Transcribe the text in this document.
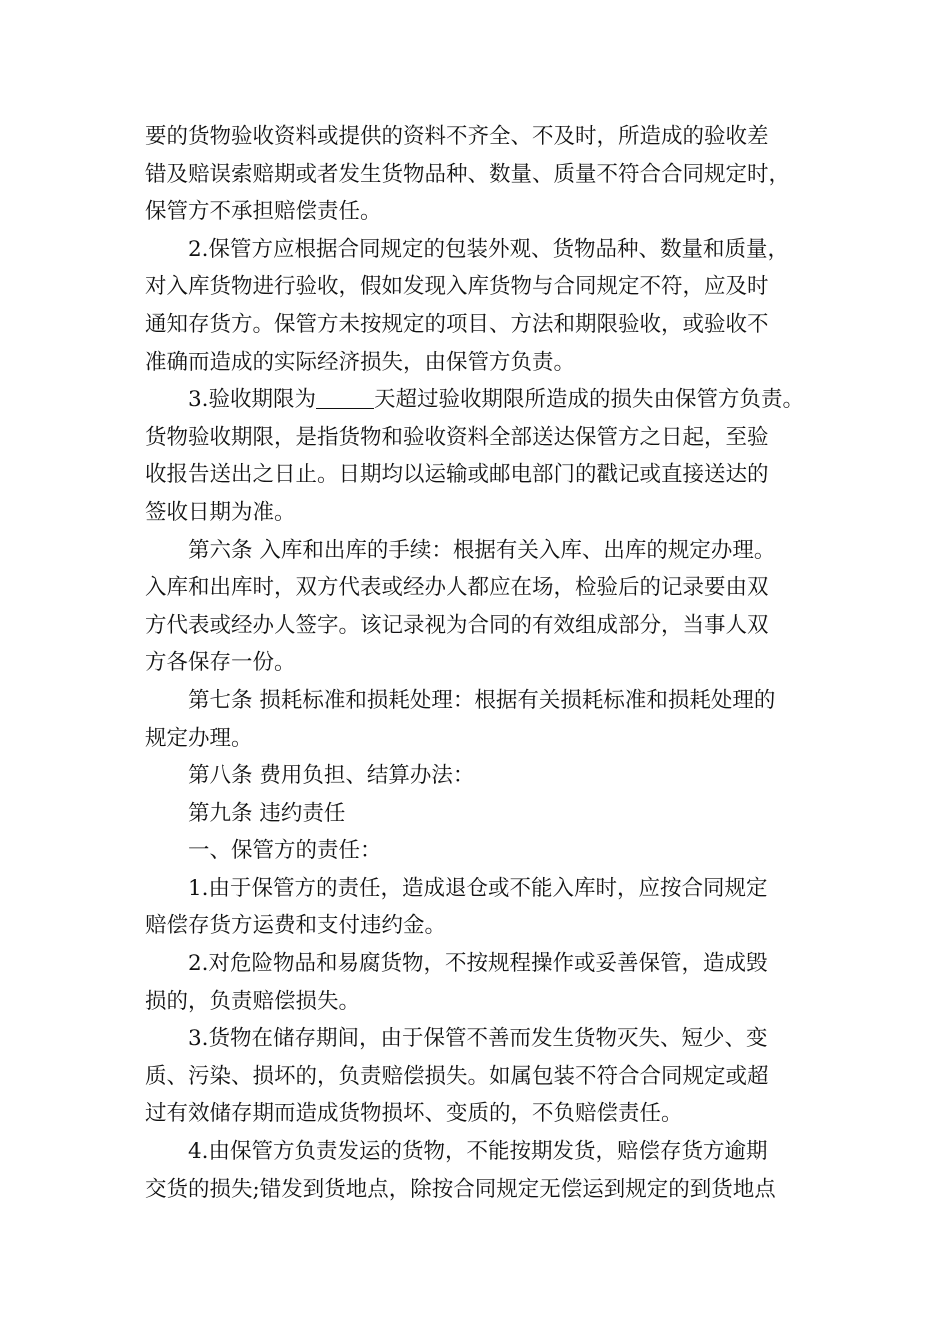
要的货物验收资料或提供的资料不齐全、不及时，所造成的验收差
错及赔误索赔期或者发生货物品种、数量、质量不符合合同规定时，
保管方不承担赔偿责任。
2.保管方应根据合同规定的包装外观、货物品种、数量和质量，
对入库货物进行验收，假如发现入库货物与合同规定不符，应及时
通知存货方。保管方未按规定的项目、方法和期限验收，或验收不
准确而造成的实际经济损失，由保管方负责。
3.验收期限为	天超过验收期限所造成的损失由保管方负责。
货物验收期限，是指货物和验收资料全部送达保管方之日起，至验
收报告送出之日止。日期均以运输或邮电部门的戳记或直接送达的
签收日期为准。
第六条 入库和出库的手续：根据有关入库、出库的规定办理。
入库和出库时，双方代表或经办人都应在场，检验后的记录要由双
方代表或经办人签字。该记录视为合同的有效组成部分，当事人双
方各保存一份。
第七条 损耗标准和损耗处理：根据有关损耗标准和损耗处理的
规定办理。
第八条 费用负担、结算办法：
第九条 违约责任
一、保管方的责任：
1.由于保管方的责任，造成退仓或不能入库时，应按合同规定
赔偿存货方运费和支付违约金。
2.对危险物品和易腐货物，不按规程操作或妥善保管，造成毁
损的，负责赔偿损失。
3.货物在储存期间，由于保管不善而发生货物灭失、短少、变
质、污染、损坏的，负责赔偿损失。如属包装不符合合同规定或超
过有效储存期而造成货物损坏、变质的，不负赔偿责任。
4.由保管方负责发运的货物，不能按期发货，赔偿存货方逾期
交货的损失;错发到货地点，除按合同规定无偿运到规定的到货地点
